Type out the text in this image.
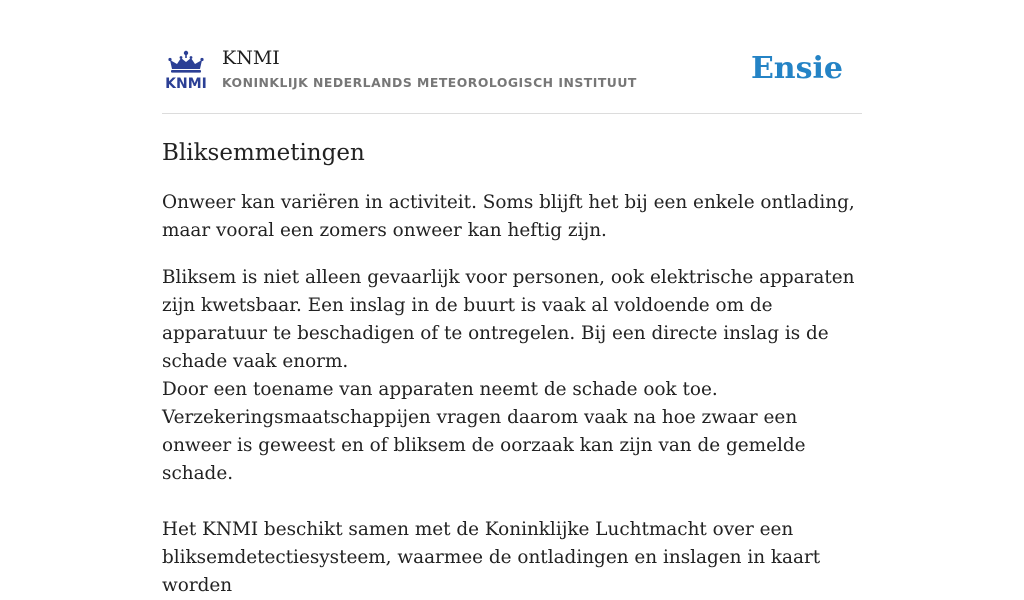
KNMI
KNMI
KONINKLIJK NEDERLANDS METEOROLOGISCH INSTITUUT	Ensie
Bliksemmetingen

Onweer kan variëren in activiteit. Soms blijft het bij een enkele ontlading, maar vooral een zomers onweer kan heftig zijn.

Bliksem is niet alleen gevaarlijk voor personen, ook elektrische apparaten zijn kwetsbaar. Een inslag in de buurt is vaak al voldoende om de apparatuur te beschadigen of te ontregelen. Bij een directe inslag is de schade vaak enorm.
Door een toename van apparaten neemt de schade ook toe.
Verzekeringsmaatschappijen vragen daarom vaak na hoe zwaar een onweer is geweest en of bliksem de oorzaak kan zijn van de gemelde schade.

Het KNMI beschikt samen met de Koninklijke Luchtmacht over een bliksemdetectiesysteem, waarmee de ontladingen en inslagen in kaart worden
